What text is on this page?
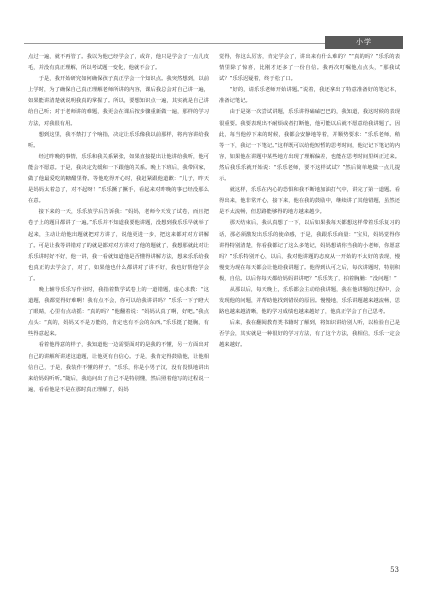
小学

点过一遍，就不再管了。我以为他已经学会了，或许，他只是学会了一点儿皮毛，并没有真正理解，所以考试题一变化，他就不会了。

于是，我开始研究如何确保孩子真正学会一个知识点。我突然想到，以前上学时，为了确保自己真正理解老师所讲的内容，课后我总会对自己讲一遍，如果能讲清楚就说明我真的掌握了。所以，要想知识点一遍，其实就是自己讲给自己听；对于老师讲的难题，我更会在课后按步骤重新做一遍，那样的学习方法，对我很有用。

想到这里，我不禁打了个响指，决定让乐乐像我以前那样，将内容讲给我听。

经过昨晚的事情，乐乐和我关系紧张，如果直接提出让他讲给我听，他可能会不愿意。于是，我决定先缓和一下跟他的关系。晚上下班后，我带回家，做了他最爱吃的糖醋里脊。等他吃得开心时，我赶紧跟他道歉：“儿子，昨天是妈妈太着急了，对不起呀！”乐乐撅了撅手，看起来对昨晚的事已经没那么在意。

接下来的一天，乐乐放学后告诉我：“妈妈，老师今天发了试卷，而且把卷子上的题目都讲了一遍。”乐乐并不知道我要他讲题，没想到我乐乐早就举了起来，主动让给他出题就把对方讲了，说他更进一步，把这来都对对方讲解了。可是让我等讲错对了的就是都对对方讲对了他的题就了，我想那就此对让乐乐讲时好不好，他一讲，我一看就知道他是否懂得讲解方法，想来乐乐给我也真正的去学会了，对了，如果他也什么都讲对了讲不好，我也好帮他学会了。

晚上辅导乐乐写作业时，我指着数学试卷上的一道错题，虚心求教：“这道题，我都觉得好难啊！我有点不会，你可以给我讲讲吗？”乐乐一下子瞪大了眼睛，心里有点动摇：“真的吗？”他翻着说：“妈妈认真了啊，好吧。”我点点头：“真的，妈妈又不是万能的，肯定也有不会的东西。”乐乐挺了挺胸，有些得意起来。

看着他得意的样子，我知道他一边需要面对的是我的不懂，另一方面出对自己的讲解所讲述这道题，让他更有自信心。于是，我肯定得鼓励他，让他相信自己，于是，我装作不懂的样子，“乐乐，你是小男子汉，没有畏惧地讲出来给妈妈听听。”随后，我追问出了自己不是特别懂，然后照着他写的过程说一遍，看看他是不是在那时真正理解了，妈妈

觉得，你这么厉害，肯定学会了，讲出来有什么难的？”“真的吗？”乐乐的表情里除了惊喜，比刚才还多了一份自信。我再次叮嘱他点点头，“那我试试？”乐乐迟疑着，终于松了口。

“好的，请乐乐老师开始讲题。”说着，我还拿出了特意准备好的笔记本，准备记笔记。

由于是第一次尝试讲题，乐乐讲得磕磕巴巴的，我知道，我这时候的表现很重要。我要表现出不耐烦或者打断他，他可能以后就不愿意给我讲题了。因此，每当他停下来的时候，我都会安静地等着，并顺势要求：“乐乐老师，稍等一下，我记一下笔记。”这样既可以给他短暂的思考时间，他记记下笔记的内容，如果他在讲题中某些地方出现了理解偏差，也能在思考时间里纠正过来。然后我乐乐就开始说：“乐乐老师，要不这样试试？”然后简单地做一点儿提示。

就这样，乐乐在内心的恐惧和我不断地加油打气中，讲完了第一道题。看得出来，他非常开心，接下来，他在我的鼓励中，继续讲了其他错题，虽然还是不太流畅，但思路能够得的地方越来越少。

那天结束后，我认真想了一下，以后如果我每天都想这样带着乐乐复习的话，那必须激发出乐乐的使命感，于是，我跟乐乐商量：“宝贝，妈妈觉得你讲得特别清楚，你看我都记了这么多笔记，妈妈想请你当我的小老师，你愿意吗？”乐乐特别开心，以后，我对他讲题的态度从一开始的不太好的表现，慢慢变为现在每天都会让他给我讲题了。他得到认可之后，每次讲题时，特别积极，自信。以后你每天都给妈妈讲讲吧？”乐乐笑了，拍着胸脯：“没问题！”

从那以后，每天晚上，乐乐都会主动给我讲题，我在他讲题的过程中，会发现他的问题，并帮助他找到错误的原因。慢慢地，乐乐讲题越来越流畅，思路也越来越清晰，他的学习成绩也越来越好了，他真正学会了自己思考。

后来，我在翻阅教育类书籍时了解到，将知识讲给别人听，以检验自己是否学会，其实就是一种很好的学习方法，有了这个方法，我相信，乐乐一定会越来越好。

53
